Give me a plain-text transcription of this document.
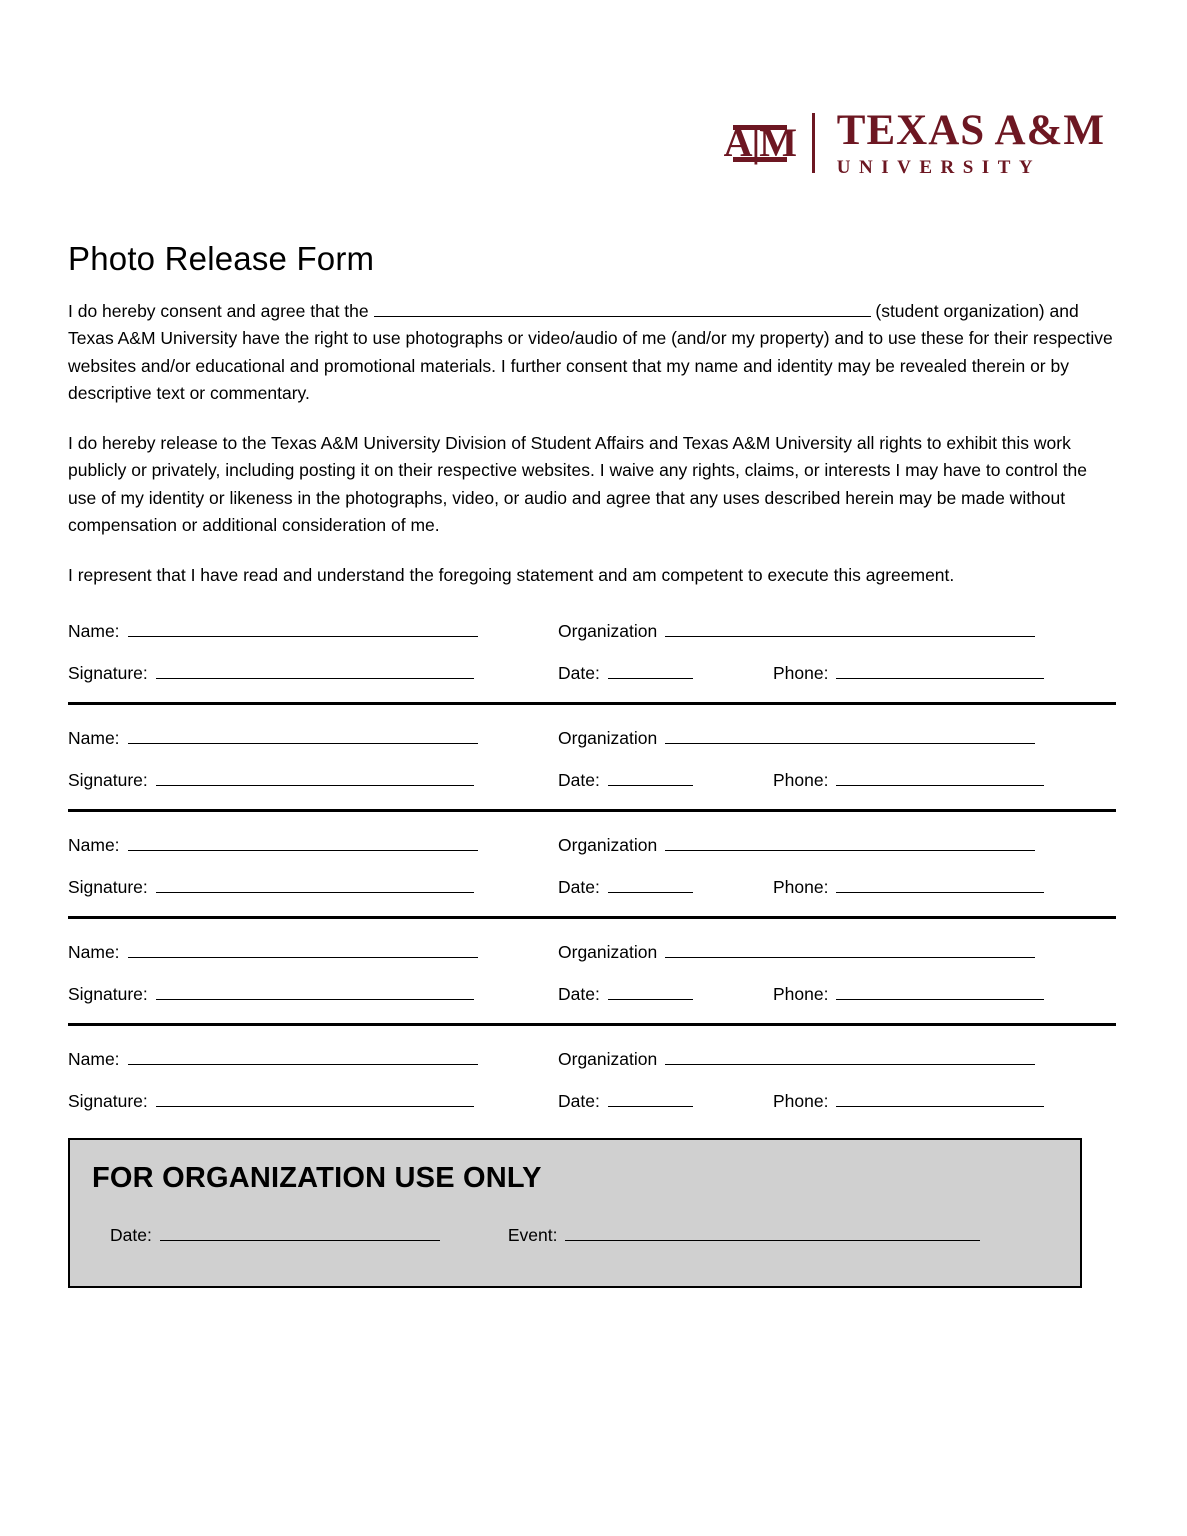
A|M TEXAS A&M
UNIVERSITY
Photo Release Form

I do hereby consent and agree that the	(student organization) and Texas A&M University have the right to use photographs or video/audio of me (and/or my property) and to use these for their respective websites and/or educational and promotional materials. I further consent that my name and identity may be revealed therein or by descriptive text or commentary.

I do hereby release to the Texas A&M University Division of Student Affairs and Texas A&M University all rights to exhibit this work publicly or privately, including posting it on their respective websites. I waive any rights, claims, or interests I may have to control the use of my identity or likeness in the photographs, video, or audio and agree that any uses described herein may be made without compensation or additional consideration of me.

I represent that I have read and understand the foregoing statement and am competent to execute this agreement.

Name:	Organization
Signature:	Date:	Phone:
Name:	Organization
Signature:	Date:	Phone:
Name:	Organization
Signature:	Date:	Phone:
Name:	Organization
Signature:	Date:	Phone:
Name:	Organization
Signature:	Date:	Phone:
FOR ORGANIZATION USE ONLY
Date:	Event:
